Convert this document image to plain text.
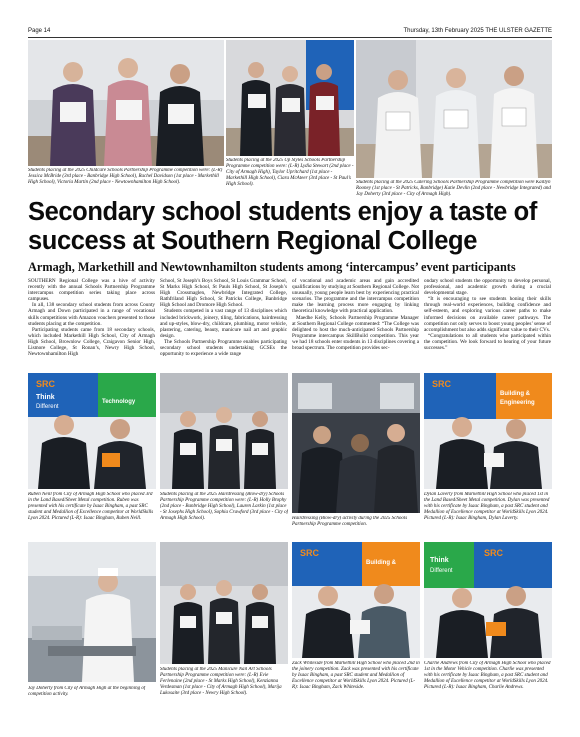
Page 14	Thursday, 13th February 2025 THE ULSTER GAZETTE
Students placing at the 2025 Childcare Schools Partnership Programme competition were: (L-R) Jessica McBride (3rd place - Banbridge High School), Rachel Davidson (1st place - Markethill High School), Victoria Martin (2nd place - Newtownhamilton High School).
Students placing at the 2025 Up Styles Schools Partnership Programme competition were: (L-R) Lydia Stewart (2nd place - City of Armagh High), Taylor Upritchard (1st place - Markethill High School), Ciara McAteer (3rd place - St Paul’s High School).	Students placing at the 2025 Catering Schools Partnership Programme competition were Kaitlyn Rooney (1st place - St Patricks, Banbridge) Katie Devlin (2nd place - Newbridge Integrated) and Jay Doherty (3rd place - City of Armagh High).
Secondary school students enjoy a taste of success at Southern Regional College
Armagh, Markethill and Newtownhamilton students among ‘intercampus’ event participants

SOUTHERN Regional College was a hive of activity recently with the annual Schools Partnership Programme intercampus competition series taking place across campuses.

In all, 138 secondary school students from across County Armagh and Down participated in a range of vocational skills competitions with Amazon vouchers presented to those students placing at the competition.

Participating students came from 18 secondary schools, which included Markethill High School, City of Armagh High School, Brownlow College, Craigavon Senior High, Lismore College, St Ronan’s, Newry High School, Newtownhamilton High

School, St Joseph’s Boys School, St Louis Grammar School, St Marks High School, St Pauls High School, St Joseph’s High Crossmaglen, Newbridge Integrated College, Rathfriland High School, St Patricks College, Banbridge High School and Dromore High School.

Students competed in a vast range of 13 disciplines which included brickwork, joinery, tiling, fabrications, hairdressing and up-styles, blow-dry, childcare, plumbing, motor vehicle, plastering, catering, beauty, manicure nail art and graphic design.

The Schools Partnership Programme enables participating secondary school students undertaking GCSEs the opportunity to experience a wide range

of vocational and academic areas and gain accredited qualifications by studying at Southern Regional College. Not unusually, young people learn best by experiencing practical scenarios. The programme and the intercampus competition make the learning process more engaging by linking theoretical knowledge with practical application.

Maedhe Kelly, Schools Partnership Programme Manager at Southern Regional College commented: “The College was delighted to host the much-anticipated Schools Partnership Programme intercampus SkillBuild competition. This year we had 18 schools enter students in 13 disciplines covering a broad spectrum. The competition provides sec-

ondary school students the opportunity to develop personal, professional, and academic growth during a crucial developmental stage.

“It is encouraging to see students honing their skills through real-world experiences, building confidence and self-esteem, and exploring various career paths to make informed decisions on available career pathways. The competition not only serves to boost young peoples’ sense of accomplishment but also adds significant value to their CVs.

“Congratulations to all students who participated within the competition. We look forward to hearing of your future successes.”

SRC
Think
Different
Technology
SRC
Building &
Engineering
Ruben Neill from City of Armagh High School who placed 3rd in the Land Based/Sheet Metal competition. Ruben was presented with his certificate by Isaac Bingham, a past SRC student and Medallion of Excellence competitor at WorldSkills Lyon 2024. Pictured (L-R): Isaac Bingham, Ruben Neill.
Students placing at the 2025 Hairdressing (Blow-dry) Schools Partnership Programme competition were: (L-R) Holly Brophy (2nd place - Banbridge High School), Lauren Larkin (1st place - St Josephs High School), Sophia Crawford (3rd place - City of Armagh High School).	Hairdressing (Blow-dry) activity during the 2025 Schools Partnership Programme competition.
Dylan Laverty from Markethill High School who placed 1st in the Land Based/Sheet Metal competition. Dylan was presented with his certificate by Isaac Bingham, a past SRC student and Medallion of Excellence competitor at WorldSkills Lyon 2024. Pictured (L-R): Isaac Bingham, Dylan Laverty.
SRC
Building &	Think
Different
SRC
Jay Doherty from City of Armagh High at the beginning of competition activity.
Students placing at the 2025 Manicure Nail Art Schools Partnership Programme competition were: (L-R) Evie Ferlenaine (2nd place - St Marks High School), Kenzianna Verdesman (1st place - City of Armagh High School), Marija Lukosaite (3rd place - Newry High School).
Zack Whiteside from Markethill High School who placed 2nd in the joinery competition. Zack was presented with his certificate by Isaac Bingham, a past SRC student and Medallion of Excellence competitor at WorldSkills Lyon 2024. Pictured (L-R): Isaac Bingham, Zack Whiteside.
Charlie Andrews from City of Armagh High School who placed 1st in the Motor Vehicle competition. Charlie was presented with his certificate by Isaac Bingham, a past SRC student and Medallion of Excellence competitor at WorldSkills Lyon 2024. Pictured (L-R): Isaac Bingham, Charlie Andrews.
